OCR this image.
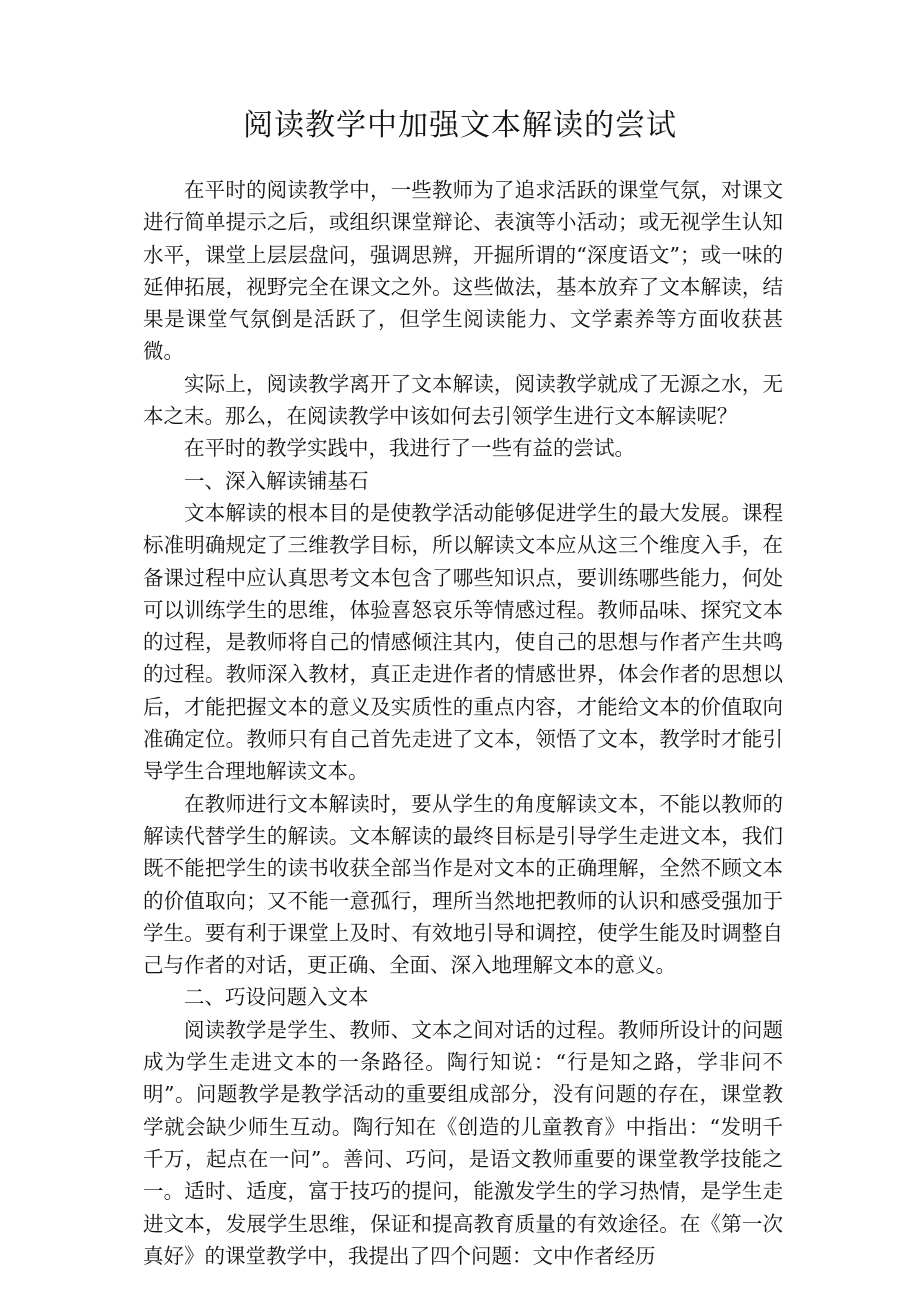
阅读教学中加强文本解读的尝试

在平时的阅读教学中，一些教师为了追求活跃的课堂气氛，对课文进行简单提示之后，或组织课堂辩论、表演等小活动；或无视学生认知水平，课堂上层层盘问，强调思辨，开掘所谓的“深度语文”；或一味的延伸拓展，视野完全在课文之外。这些做法，基本放弃了文本解读，结果是课堂气氛倒是活跃了，但学生阅读能力、文学素养等方面收获甚微。

实际上，阅读教学离开了文本解读，阅读教学就成了无源之水，无本之末。那么，在阅读教学中该如何去引领学生进行文本解读呢？

在平时的教学实践中，我进行了一些有益的尝试。

一、深入解读铺基石

文本解读的根本目的是使教学活动能够促进学生的最大发展。课程标准明确规定了三维教学目标，所以解读文本应从这三个维度入手，在备课过程中应认真思考文本包含了哪些知识点，要训练哪些能力，何处可以训练学生的思维，体验喜怒哀乐等情感过程。教师品味、探究文本的过程，是教师将自己的情感倾注其内，使自己的思想与作者产生共鸣的过程。教师深入教材，真正走进作者的情感世界，体会作者的思想以后，才能把握文本的意义及实质性的重点内容，才能给文本的价值取向准确定位。教师只有自己首先走进了文本，领悟了文本，教学时才能引导学生合理地解读文本。

在教师进行文本解读时，要从学生的角度解读文本，不能以教师的解读代替学生的解读。文本解读的最终目标是引导学生走进文本，我们既不能把学生的读书收获全部当作是对文本的正确理解，全然不顾文本的价值取向；又不能一意孤行，理所当然地把教师的认识和感受强加于学生。要有利于课堂上及时、有效地引导和调控，使学生能及时调整自己与作者的对话，更正确、全面、深入地理解文本的意义。

二、巧设问题入文本

阅读教学是学生、教师、文本之间对话的过程。教师所设计的问题成为学生走进文本的一条路径。陶行知说：“行是知之路，学非问不明”。问题教学是教学活动的重要组成部分，没有问题的存在，课堂教学就会缺少师生互动。陶行知在《创造的儿童教育》中指出：“发明千千万，起点在一问”。善问、巧问，是语文教师重要的课堂教学技能之一。适时、适度，富于技巧的提问，能激发学生的学习热情，是学生走进文本，发展学生思维，保证和提高教育质量的有效途径。在《第一次真好》的课堂教学中，我提出了四个问题：文中作者经历
